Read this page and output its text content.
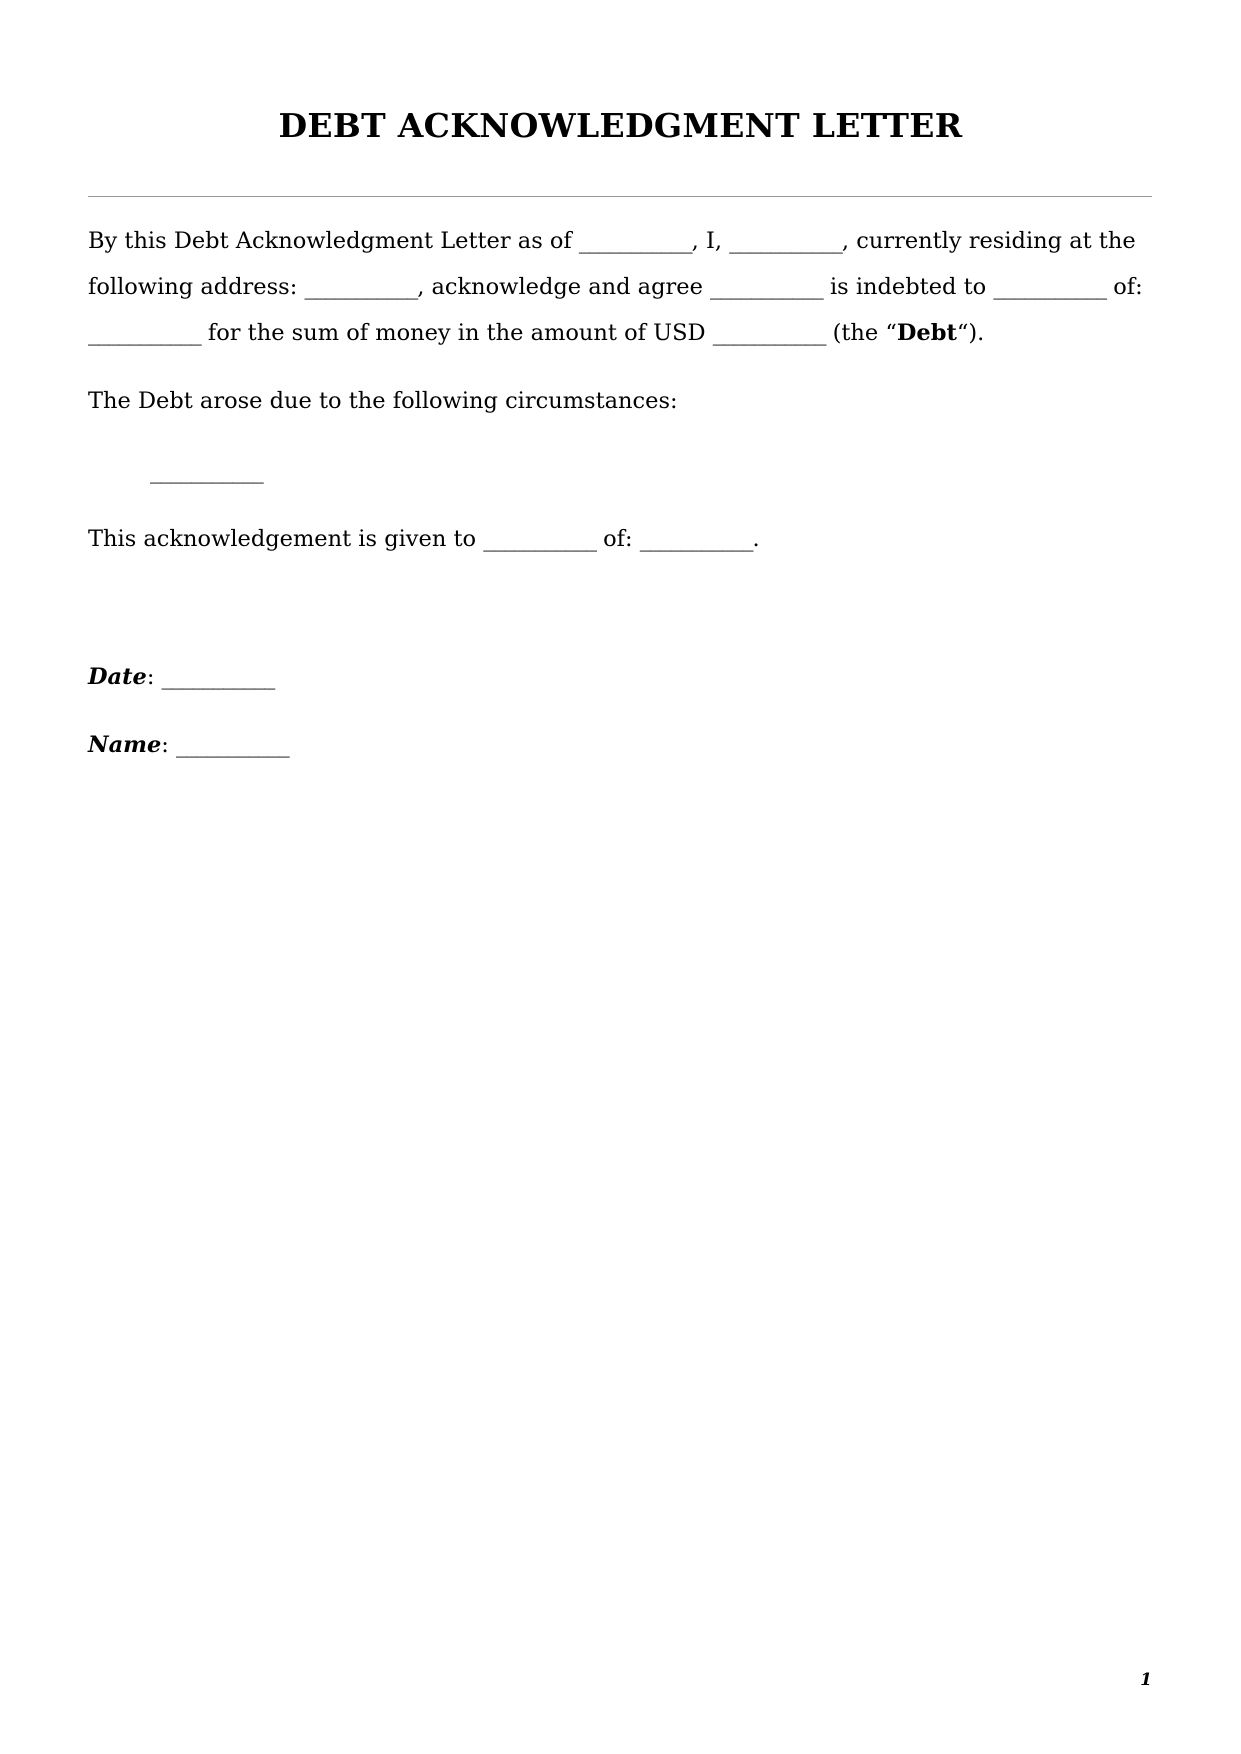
DEBT ACKNOWLEDGMENT LETTER
By this Debt Acknowledgment Letter as of ___________, I, ___________, currently residing at the following address: ___________, acknowledge and agree ___________ is indebted to ___________ of: ___________ for the sum of money in the amount of USD ___________ (the “Debt“).
The Debt arose due to the following circumstances:
___________
This acknowledgement is given to ___________ of: ___________.
Date: ___________
Name: ___________
1
